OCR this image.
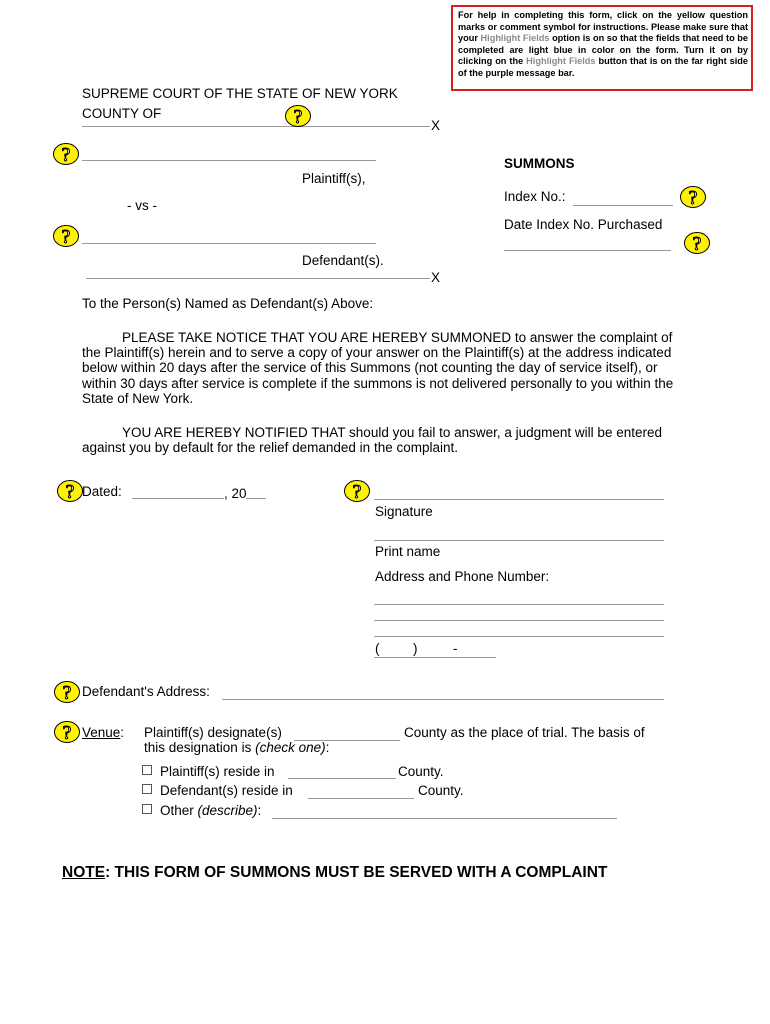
For help in completing this form, click on the yellow question marks or comment symbol for instructions. Please make sure that your Highlight Fields option is on so that the fields that need to be completed are light blue in color on the form. Turn it on by clicking on the Highlight Fields button that is on the far right side of the purple message bar.
SUPREME COURT OF THE STATE OF NEW YORK
COUNTY OF
X
?
?
?
?
?
?	?
?
?
Plaintiff(s),
- vs -
Defendant(s).
X
SUMMONS
Index No.:
Date Index No. Purchased
To the Person(s) Named as Defendant(s) Above:
PLEASE TAKE NOTICE THAT YOU ARE HEREBY SUMMONED to answer the complaint of the Plaintiff(s) herein and to serve a copy of your answer on the Plaintiff(s) at the address indicated below within 20 days after the service of this Summons (not counting the day of service itself), or within 30 days after service is complete if the summons is not delivered personally to you within the State of New York.
YOU ARE HEREBY NOTIFIED THAT should you fail to answer, a judgment will be entered against you by default for the relief demanded in the complaint.
Dated:	, 20
Signature
Print name
Address and Phone Number:
( )	-
Defendant's Address:
Venue: Plaintiff(s) designate(s)	County as the place of trial. The basis of
this designation is (check one):
Plaintiff(s) reside in	County.
Defendant(s) reside in	County.
Other (describe):
NOTE: THIS FORM OF SUMMONS MUST BE SERVED WITH A COMPLAINT
